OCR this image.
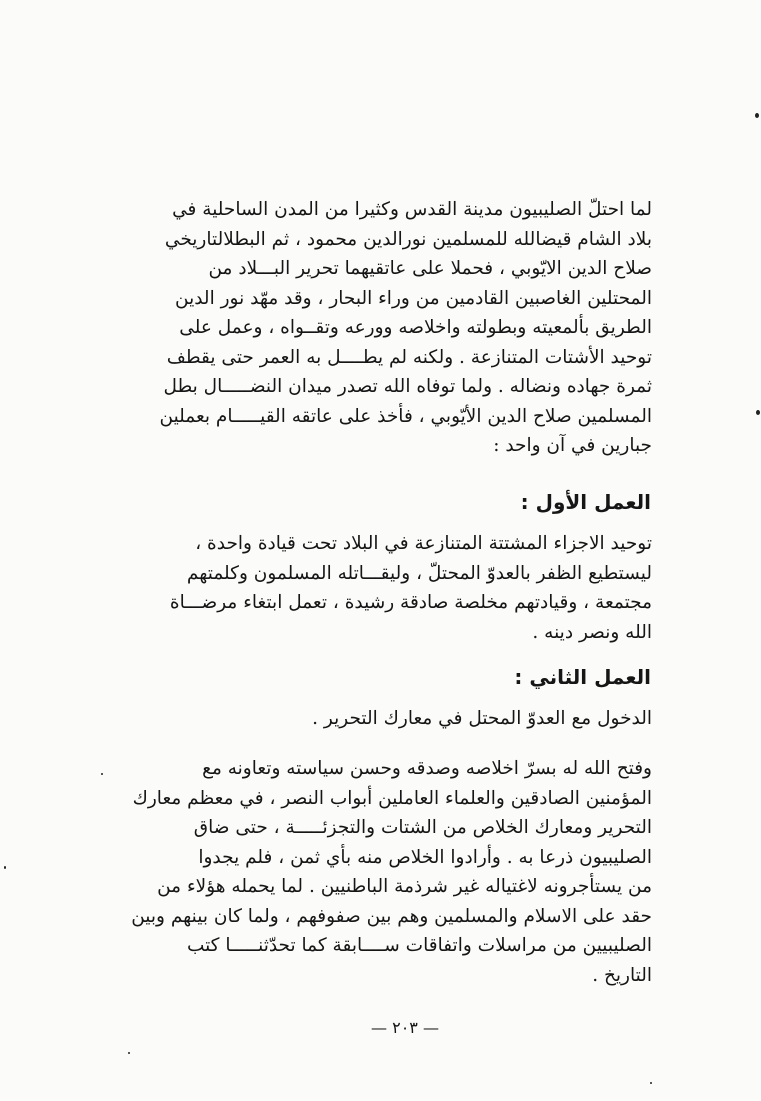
لما احتلّ الصليبيون مدينة القدس وكثيرا من المدن الساحلية في
بلاد الشام قيضالله للمسلمين نورالدين محمود ، ثم البطلالتاريخي
صلاح الدين الايّوبي ، فحملا على عاتقيهما تحرير البـــلاد من
المحتلين الغاصبين القادمين من وراء البحار ، وقد مهّد نور الدين
الطريق بألمعيته وبطولته واخلاصه وورعه وتقــواه ، وعمل على
توحيد الأشتات المتنازعة . ولكنه لم يطــــل به العمر حتى يقطف
ثمرة جهاده ونضاله . ولما توفاه الله تصدر ميدان النضـــــال بطل
المسلمين صلاح الدين الأيّوبي ، فأخذ على عاتقه القيـــــام بعملين
جبارين في آن واحد :
العمل الأول :
توحيد الاجزاء المشتتة المتنازعة في البلاد تحت قيادة واحدة ،
ليستطيع الظفر بالعدوّ المحتلّ ، وليقـــاتله المسلمون وكلمتهم
مجتمعة ، وقيادتهم مخلصة صادقة رشيدة ، تعمل ابتغاء مرضـــاة
الله ونصر دينه .
العمل الثاني :
الدخول مع العدوّ المحتل في معارك التحرير .
وفتح الله له بسرّ اخلاصه وصدقه وحسن سياسته وتعاونه مع
المؤمنين الصادقين والعلماء العاملين أبواب النصر ، في معظم معارك
التحرير ومعارك الخلاص من الشتات والتجزئـــــة ، حتى ضاق
الصليبيون ذرعا به . وأرادوا الخلاص منه بأي ثمن ، فلم يجدوا
من يستأجرونه لاغتياله غير شرذمة الباطنيين . لما يحمله هؤلاء من
حقد على الاسلام والمسلمين وهم بين صفوفهم ، ولما كان بينهم وبين
الصليبيين من مراسلات واتفاقات ســــابقة كما تحدّثنـــــا كتب
التاريخ .
— ٢٠٣ —
